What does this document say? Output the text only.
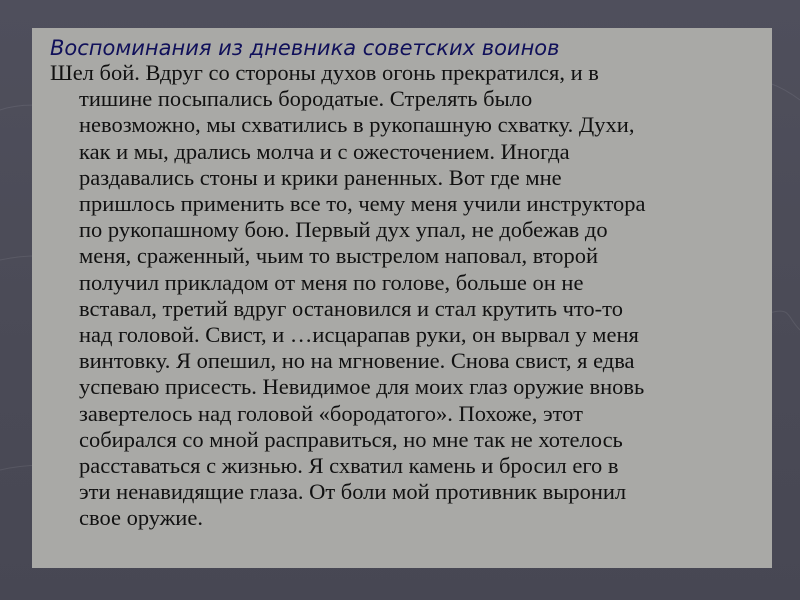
Воспоминания из дневника советских воинов
Шел бой. Вдруг со стороны духов огонь прекратился, и в
тишине посыпались бородатые. Стрелять было
невозможно, мы схватились в рукопашную схватку. Духи,
как и мы, дрались молча и с ожесточением. Иногда
раздавались стоны и крики раненных. Вот где мне
пришлось применить все то, чему меня учили инструктора
по рукопашному бою. Первый дух упал, не добежав до
меня, сраженный, чьим то выстрелом наповал, второй
получил прикладом от меня по голове, больше он не
вставал, третий вдруг остановился и стал крутить что-то
над головой. Свист, и …исцарапав руки, он вырвал у меня
винтовку. Я опешил, но на мгновение. Снова свист, я едва
успеваю присесть. Невидимое для моих глаз оружие вновь
завертелось над головой «бородатого». Похоже, этот
собирался со мной расправиться, но мне так не хотелось
расставаться с жизнью. Я схватил камень и бросил его в
эти ненавидящие глаза. От боли мой противник выронил
свое оружие.
